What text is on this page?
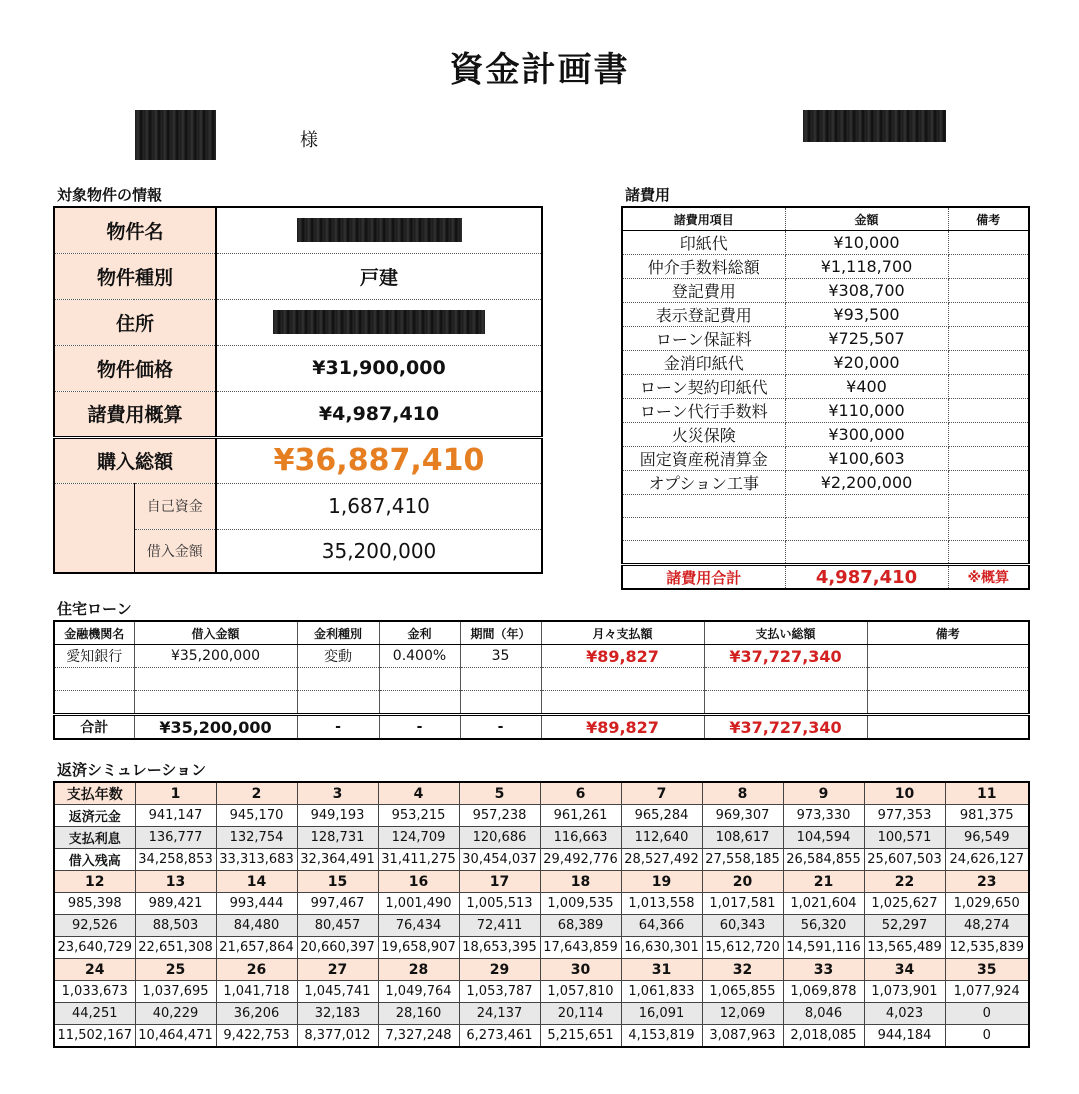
資金計画書
様
対象物件の情報
物件名		

物件種別		戸建
住所		

物件価格		¥31,900,000
諸費用概算		¥4,987,410
購入総額		¥36,887,410
	自己資金	1,687,410
	借入金額	35,200,000
諸費用
諸費用項目	金額	備考
印紙代	¥10,000	
仲介手数料総額	¥1,118,700	
登記費用	¥308,700	
表示登記費用	¥93,500	
ローン保証料	¥725,507	
金消印紙代	¥20,000	
ローン契約印紙代	¥400	
ローン代行手数料	¥110,000	
火災保険	¥300,000	
固定資産税清算金	¥100,603	
オプション工事	¥2,200,000	

諸費用合計	4,987,410	※概算
住宅ローン
金融機関名	借入金額	金利種別	金利	期間（年）	月々支払額	支払い総額	備考
愛知銀行	¥35,200,000	変動	0.400%	35	¥89,827	¥37,727,340	

合計	¥35,200,000	-	-	-	¥89,827	¥37,727,340	
返済シミュレーション
支払年数	1	2	3	4	5	6	7	8	9	10	11
返済元金	941,147	945,170	949,193	953,215	957,238	961,261	965,284	969,307	973,330	977,353	981,375
支払利息	136,777	132,754	128,731	124,709	120,686	116,663	112,640	108,617	104,594	100,571	96,549
借入残高	34,258,853	33,313,683	32,364,491	31,411,275	30,454,037	29,492,776	28,527,492	27,558,185	26,584,855	25,607,503	24,626,127
12	13	14	15	16	17	18	19	20	21	22	23
985,398	989,421	993,444	997,467	1,001,490	1,005,513	1,009,535	1,013,558	1,017,581	1,021,604	1,025,627	1,029,650
92,526	88,503	84,480	80,457	76,434	72,411	68,389	64,366	60,343	56,320	52,297	48,274
23,640,729	22,651,308	21,657,864	20,660,397	19,658,907	18,653,395	17,643,859	16,630,301	15,612,720	14,591,116	13,565,489	12,535,839
24	25	26	27	28	29	30	31	32	33	34	35
1,033,673	1,037,695	1,041,718	1,045,741	1,049,764	1,053,787	1,057,810	1,061,833	1,065,855	1,069,878	1,073,901	1,077,924
44,251	40,229	36,206	32,183	28,160	24,137	20,114	16,091	12,069	8,046	4,023	0
11,502,167	10,464,471	9,422,753	8,377,012	7,327,248	6,273,461	5,215,651	4,153,819	3,087,963	2,018,085	944,184	0
